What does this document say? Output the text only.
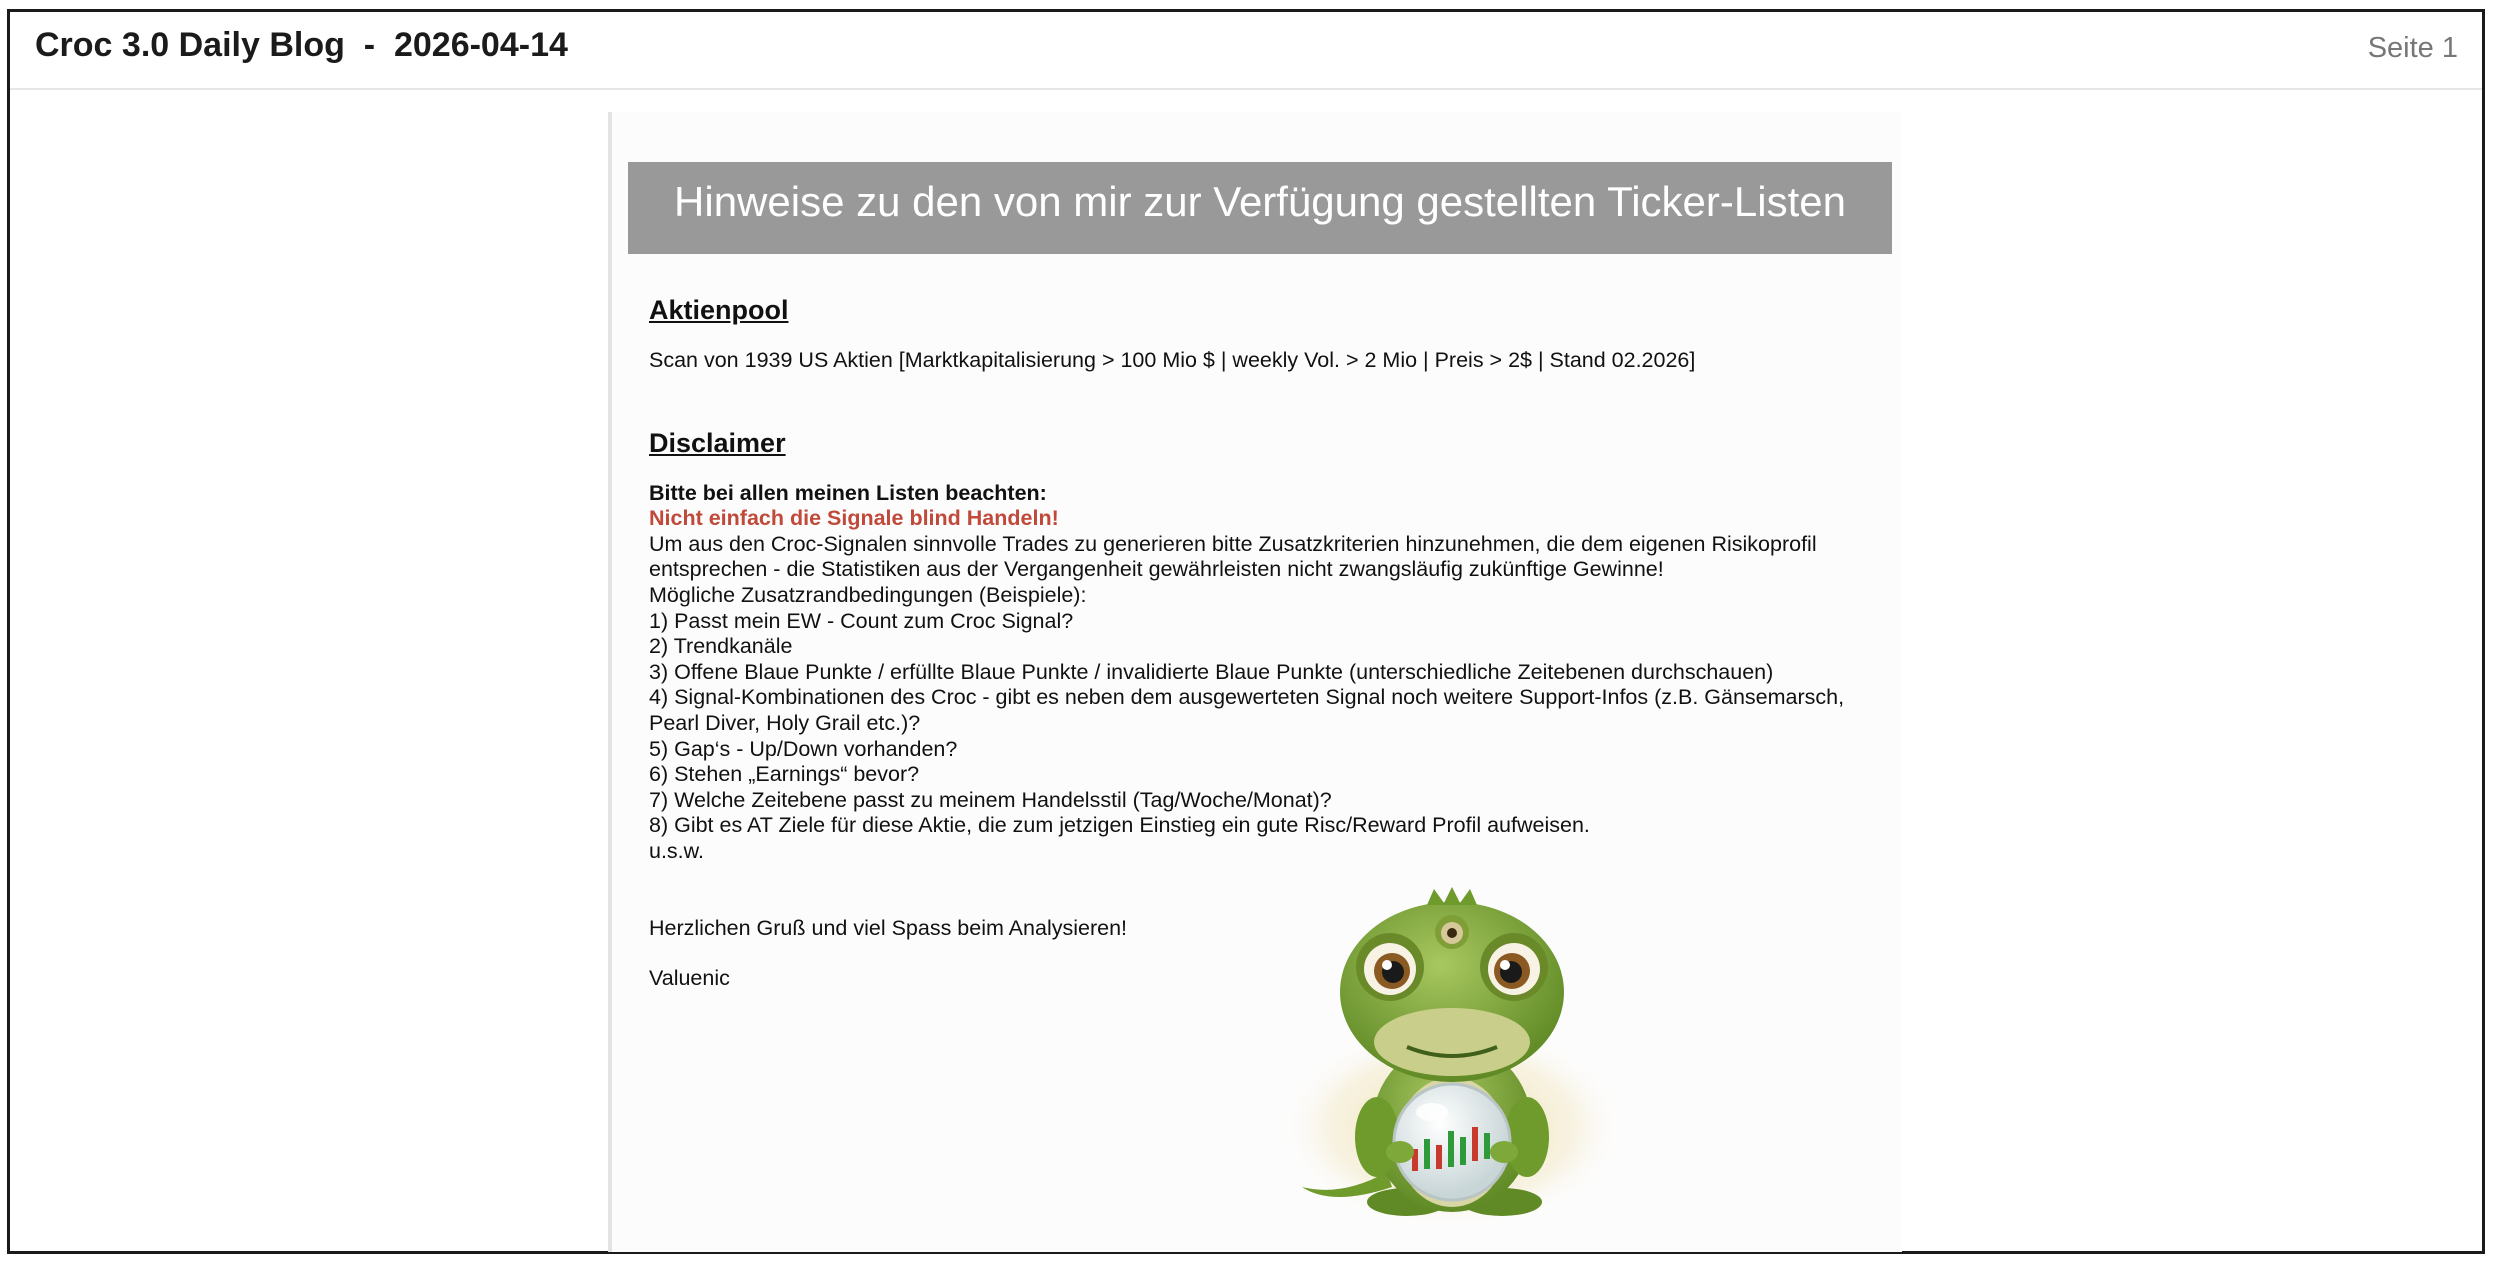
Croc 3.0 Daily Blog  -  2026-04-14	Seite 1
Hinweise zu den von mir zur Verfügung gestellten Ticker-Listen
Aktienpool
Scan von 1939 US Aktien [Marktkapitalisierung > 100 Mio $ | weekly Vol. > 2 Mio | Preis > 2$ | Stand 02.2026]
Disclaimer
Bitte bei allen meinen Listen beachten:
Nicht einfach die Signale blind Handeln!
Um aus den Croc-Signalen sinnvolle Trades zu generieren bitte Zusatzkriterien hinzunehmen, die dem eigenen Risikoprofil
entsprechen - die Statistiken aus der Vergangenheit gewährleisten nicht zwangsläufig zukünftige Gewinne!
Mögliche Zusatzrandbedingungen (Beispiele):
1) Passt mein EW - Count zum Croc Signal?
2) Trendkanäle
3) Offene Blaue Punkte / erfüllte Blaue Punkte / invalidierte Blaue Punkte (unterschiedliche Zeitebenen durchschauen)
4) Signal-Kombinationen des Croc - gibt es neben dem ausgewerteten Signal noch weitere Support-Infos (z.B. Gänsemarsch,
Pearl Diver, Holy Grail etc.)?
5) Gap‘s - Up/Down vorhanden?
6) Stehen „Earnings“ bevor?
7) Welche Zeitebene passt zu meinem Handelsstil (Tag/Woche/Monat)?
8) Gibt es AT Ziele für diese Aktie, die zum jetzigen Einstieg ein gute Risc/Reward Profil aufweisen.
u.s.w.
Herzlichen Gruß und viel Spass beim Analysieren!
Valuenic
